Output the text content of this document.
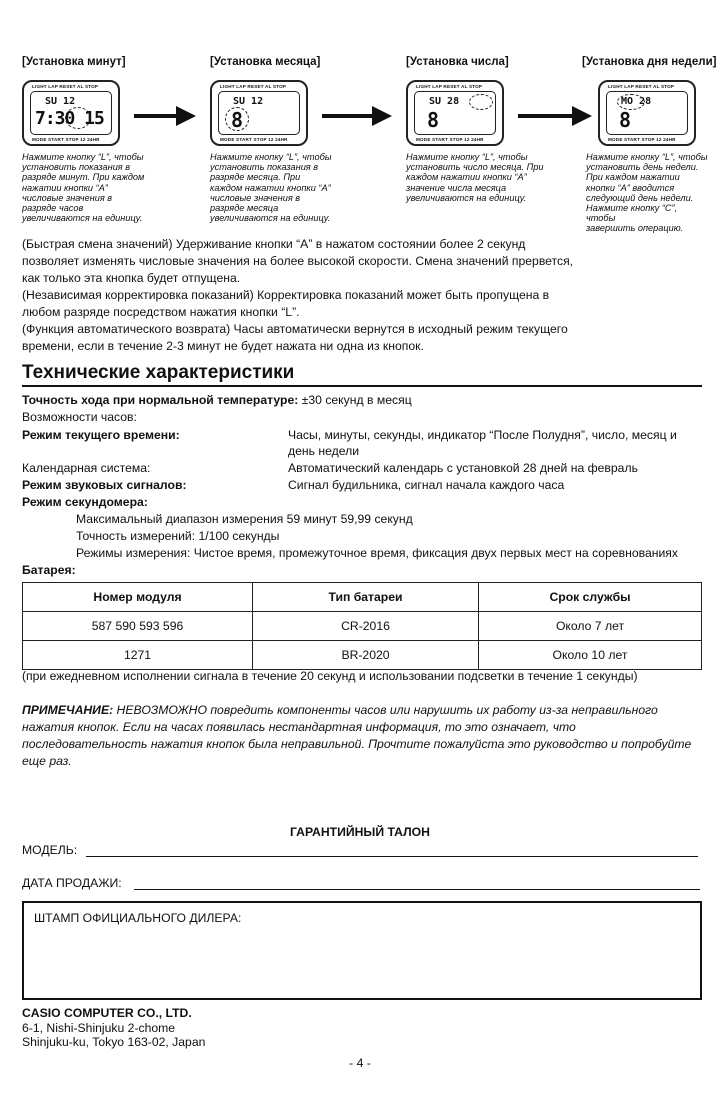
[Установка минут]
LIGHT LAP RESET AL STOP
SU 12
7:30 15
MODE START STOP 12 24HR
Нажмите кнопку “L”, чтобы
установить показания в
разряде минут. При каждом
нажатии кнопки “A”
числовые значения в
разряде часов
увеличиваются на единицу.
[Установка месяца]
LIGHT LAP RESET AL STOP
SU 12
8
MODE START STOP 12 24HR
Нажмите кнопку “L”, чтобы
установить показания в
разряде месяца. При
каждом нажатии кнопки “A”
числовые значения в
разряде месяца
увеличиваются на единицу.
[Установка числа]
LIGHT LAP RESET AL STOP
SU 28
8
MODE START STOP 12 24HR
Нажмите кнопку “L”, чтобы
установить число месяца. При
каждом нажатии кнопки “A”
значение числа месяца
увеличиваются на единицу.
[Установка дня недели]
LIGHT LAP RESET AL STOP
MO 28
8
MODE START STOP 12 24HR
Нажмите кнопку “L”, чтобы
установить день недели.
При каждом нажатии
кнопки “A” вводится
следующий день недели.
Нажмите кнопку “C”, чтобы
завершить операцию.
(Быстрая смена значений) Удерживание кнопки “A” в нажатом состоянии более 2 секунд позволяет изменять числовые значения на более высокой скорости. Смена значений прервется, как только эта кнопка будет отпущена.
(Независимая корректировка показаний) Корректировка показаний может быть пропущена в любом разряде посредством нажатия кнопки “L”.
(Функция автоматического возврата) Часы автоматически вернутся в исходный режим текущего времени, если в течение 2-3 минут не будет нажата ни одна из кнопок.
Технические характеристики
Точность хода при нормальной температуре: ±30 секунд в месяц
Возможности часов:
Режим текущего времени:	Часы, минуты, секунды, индикатор “После Полудня”, число, месяц и день недели
Календарная система:	Автоматический календарь с установкой 28 дней на февраль
Режим звуковых сигналов:	Сигнал будильника, сигнал начала каждого часа
Режим секундомера:
Максимальный диапазон измерения 59 минут 59,99 секунд
Точность измерений: 1/100 секунды
Режимы измерения: Чистое время, промежуточное время, фиксация двух первых мест на соревнованиях
Батарея:
Номер модуля	Тип батареи	Срок службы
587 590 593 596	CR-2016	Около 7 лет
1271	BR-2020	Около 10 лет
(при ежедневном исполнении сигнала в течение 20 секунд и использовании подсветки в течение 1 секунды)
ПРИМЕЧАНИЕ: НЕВОЗМОЖНО повредить компоненты часов или нарушить их работу из-за неправильного нажатия кнопок. Если на часах появилась нестандартная информация, то это означает, что последовательность нажатия кнопок была неправильной. Прочтите пожалуйста это руководство и попробуйте еще раз.
ГАРАНТИЙНЫЙ ТАЛОН
МОДЕЛЬ:
ДАТА ПРОДАЖИ:
ШТАМП ОФИЦИАЛЬНОГО ДИЛЕРА:
CASIO COMPUTER CO., LTD.
6-1, Nishi-Shinjuku 2-chome
Shinjuku-ku, Tokyo 163-02, Japan
- 4 -
